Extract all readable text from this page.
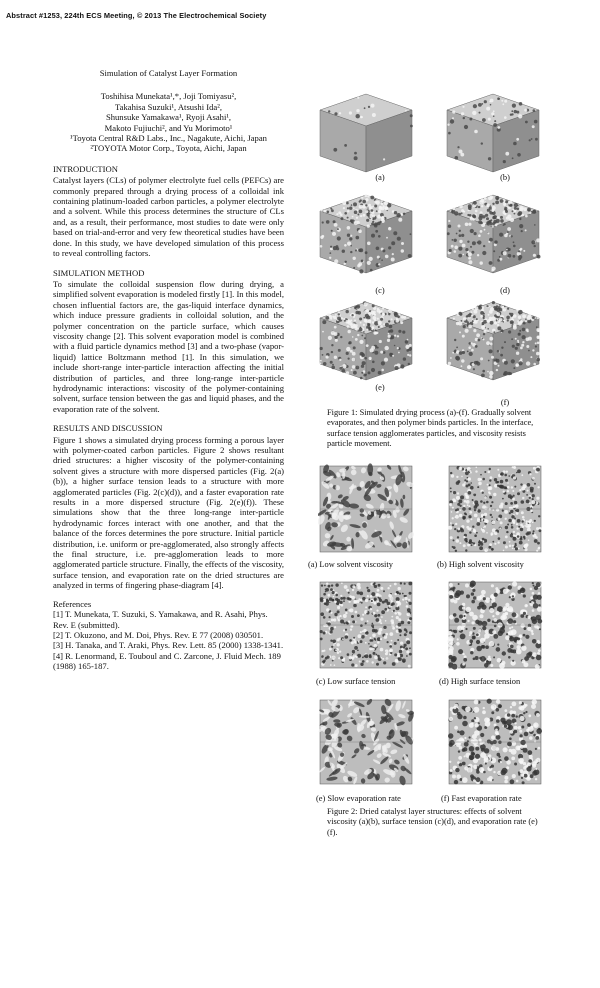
Abstract #1253, 224th ECS Meeting, © 2013 The Electrochemical Society
Simulation of Catalyst Layer Formation
Toshihisa Munekata¹,*, Joji Tomiyasu²,
Takahisa Suzuki¹, Atsushi Ida²,
Shunsuke Yamakawa¹, Ryoji Asahi¹,
Makoto Fujiuchi², and Yu Morimoto¹
¹Toyota Central R&D Labs., Inc., Nagakute, Aichi, Japan
²TOYOTA Motor Corp., Toyota, Aichi, Japan
INTRODUCTION
Catalyst layers (CLs) of polymer electrolyte fuel cells (PEFCs) are commonly prepared through a drying process of a colloidal ink containing platinum-loaded carbon particles, a polymer electrolyte and a solvent. While this process determines the structure of CLs and, as a result, their performance, most studies to date were only based on trial-and-error and very few theoretical studies have been done. In this study, we have developed simulation of this process to reveal controlling factors.
SIMULATION METHOD
To simulate the colloidal suspension flow during drying, a simplified solvent evaporation is modeled firstly [1]. In this model, chosen influential factors are, the gas-liquid interface dynamics, which induce pressure gradients in colloidal solution, and the polymer concentration on the particle surface, which causes viscosity change [2]. This solvent evaporation model is combined with a fluid particle dynamics method [3] and a two-phase (vapor-liquid) lattice Boltzmann method [1]. In this simulation, we include short-range inter-particle interaction affecting the initial distribution of particles, and three long-range inter-particle hydrodynamic interactions: viscosity of the polymer-containing solvent, surface tension between the gas and liquid phases, and the evaporation rate of the solvent.
RESULTS AND DISCUSSION
Figure 1 shows a simulated drying process forming a porous layer with polymer-coated carbon particles. Figure 2 shows resultant dried structures: a higher viscosity of the polymer-containing solvent gives a structure with more dispersed particles (Fig. 2(a)(b)), a higher surface tension leads to a structure with more agglomerated particles (Fig. 2(c)(d)), and a faster evaporation rate results in a more dispersed structure (Fig. 2(e)(f)). These simulations show that the three long-range inter-particle hydrodynamic forces interact with one another, and that the balance of the forces determines the pore structure. Initial particle distribution, i.e. uniform or pre-agglomerated, also strongly affects the final structure, i.e. pre-agglomeration leads to more agglomerated particle structure. Finally, the effects of the viscosity, surface tension, and evaporation rate on the dried structures are analyzed in terms of fingering phase-diagram [4].
References
[1] T. Munekata, T. Suzuki, S. Yamakawa, and R. Asahi, Phys. Rev. E (submitted).
[2] T. Okuzono, and M. Doi, Phys. Rev. E 77 (2008) 030501.
[3] H. Tanaka, and T. Araki, Phys. Rev. Lett. 85 (2000) 1338-1341.
[4] R. Lenormand, E. Touboul and C. Zarcone, J. Fluid Mech. 189 (1988) 165-187.
(a)	(b)
(c)	(d)
(e)
(f)
Figure 1: Simulated drying process (a)-(f). Gradually solvent evaporates, and then polymer binds particles. In the interface, surface tension agglomerates particles, and viscosity resists particle movement.
(a) Low solvent viscosity	(b) High solvent viscosity
(c) Low surface tension	(d) High surface tension
(e) Slow evaporation rate	(f) Fast evaporation rate
Figure 2: Dried catalyst layer structures: effects of solvent viscosity (a)(b), surface tension (c)(d), and evaporation rate (e)(f).
